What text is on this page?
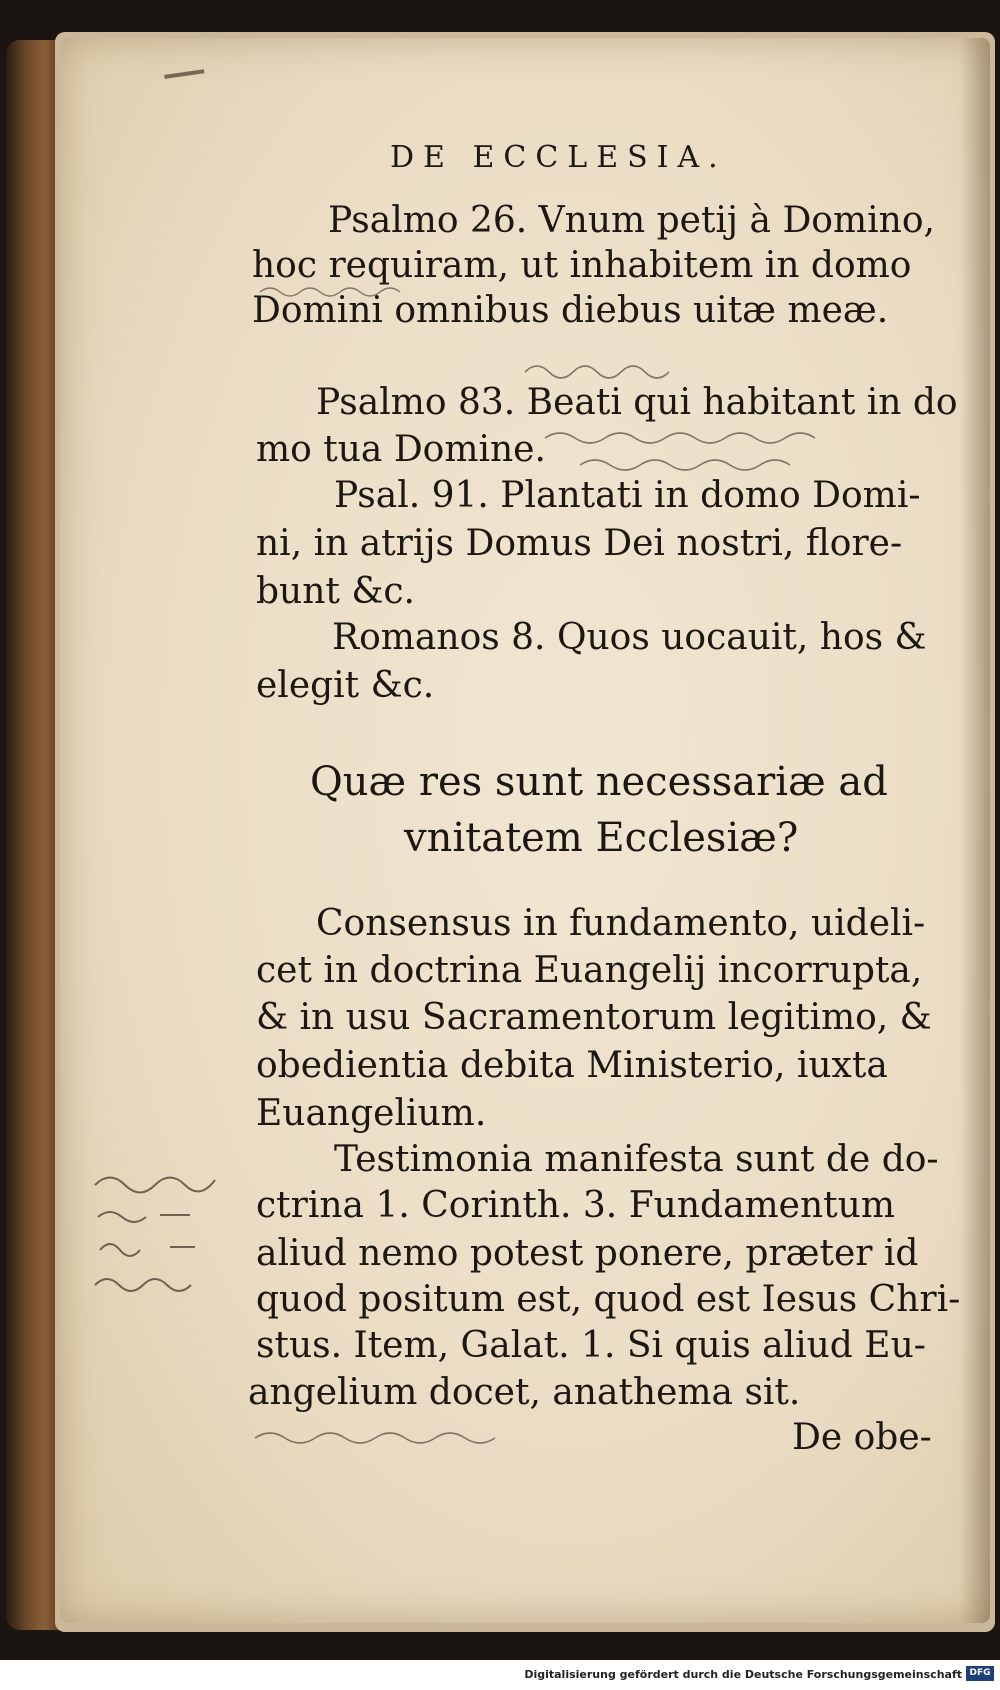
DE ECCLESIA.
Psalmo 26. Vnum petij à Domino,
hoc requiram, ut inhabitem in domo
Domini omnibus diebus uitæ meæ.
Psalmo 83. Beati qui habitant in do
mo tua Domine.
Psal. 91. Plantati in domo Domi-
ni, in atrijs Domus Dei nostri, flore-
bunt &c.
Romanos 8. Quos uocauit, hos &
elegit &c.
Quæ res sunt necessariæ ad
vnitatem Ecclesiæ?
Consensus in fundamento, uideli-
cet in doctrina Euangelij incorrupta,
& in usu Sacramentorum legitimo, &
obedientia debita Ministerio, iuxta
Euangelium.
Testimonia manifesta sunt de do-
ctrina 1. Corinth. 3. Fundamentum
aliud nemo potest ponere, præter id
quod positum est, quod est Iesus Chri-
stus. Item, Galat. 1. Si quis aliud Eu-
angelium docet, anathema sit.
De obe-
Digitalisierung gefördert durch die Deutsche Forschungsgemeinschaft DFG
